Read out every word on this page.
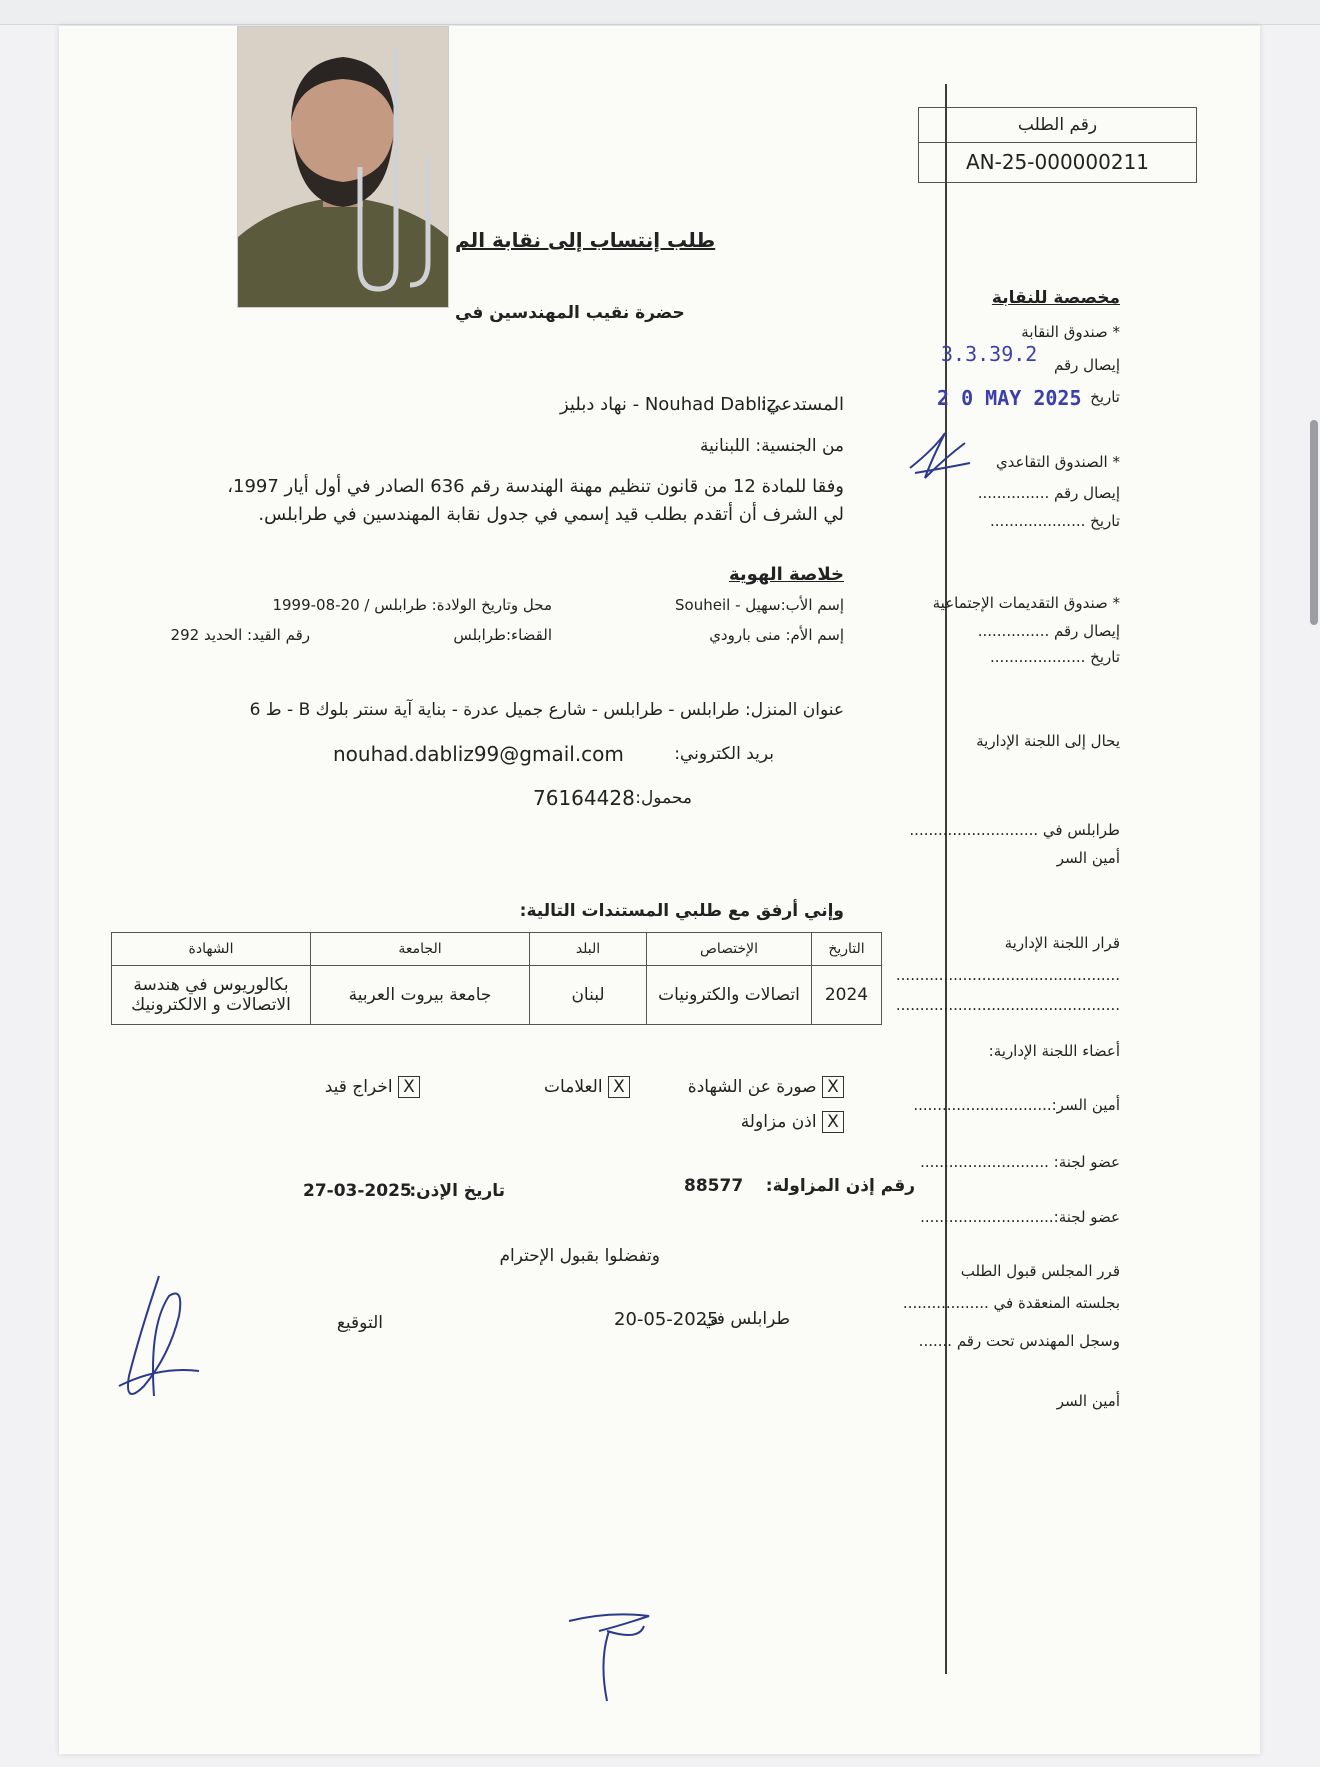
رقم الطلب
AN-25-000000211
طلب إنتساب إلى نقابة الم
حضرة نقيب المهندسين في
المستدعي:
نهاد دبليز - Nouhad Dabliz
من الجنسية: اللبنانية
وفقا للمادة 12 من قانون تنظيم مهنة الهندسة رقم 636 الصادر في أول أيار 1997،
لي الشرف أن أتقدم بطلب قيد إسمي في جدول نقابة المهندسين في طرابلس.
خلاصة الهوية
إسم الأب:سهيل - Souheil
محل وتاريخ الولادة: طرابلس / 20-08-1999
إسم الأم: منى بارودي
القضاء:طرابلس
رقم القيد: الحديد 292
عنوان المنزل: طرابلس - طرابلس - شارع جميل عدرة - بناية آية سنتر بلوك B - ط 6
بريد الكتروني:
nouhad.dabliz99@gmail.com
محمول:
76164428
وإني أرفق مع طلبي المستندات التالية:
الشهادة	الجامعة	البلد	الإختصاص	التاريخ
بكالوريوس في هندسة الاتصالات و الالكترونيك	جامعة بيروت العربية	لبنان	اتصالات والكترونيات	2024
X صورة عن الشهادة
X العلامات
X اخراج قيد
X اذن مزاولة
رقم إذن المزاولة:
88577
تاريخ الإذن:
27-03-2025
وتفضلوا بقبول الإحترام
طرابلس في
20-05-2025
التوقيع
مخصصة للنقابة
* صندوق النقابة
إيصال رقم
3.3.39.2
تاريخ
2 0 MAY 2025
* الصندوق التقاعدي
إيصال رقم ...............
تاريخ ....................
* صندوق التقديمات الإجتماعية
إيصال رقم ...............
تاريخ ....................
يحال إلى اللجنة الإدارية
طرابلس في ...........................
أمين السر
قرار اللجنة الإدارية
...............................................
...............................................
أعضاء اللجنة الإدارية:
أمين السر:.............................
عضو لجنة: ...........................
عضو لجنة:............................
قرر المجلس قبول الطلب
بجلسته المنعقدة في ..................
وسجل المهندس تحت رقم .......
أمين السر
